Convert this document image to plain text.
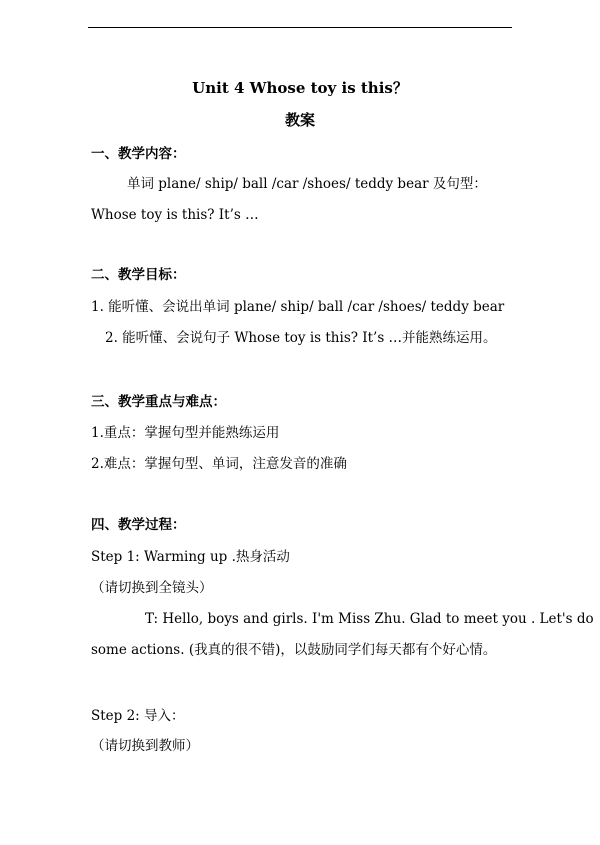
Unit 4 Whose toy is this？
教案
一、教学内容：
单词 plane/ ship/ ball /car /shoes/ teddy bear 及句型：
Whose toy is this? It’s …
二、教学目标：
1. 能听懂、会说出单词 plane/ ship/ ball /car /shoes/ teddy bear
2. 能听懂、会说句子 Whose toy is this? It’s …并能熟练运用。
三、教学重点与难点：
1.重点：掌握句型并能熟练运用
2.难点：掌握句型、单词，注意发音的准确
四、教学过程：
Step 1: Warming up .热身活动
（请切换到全镜头）
T: Hello, boys and girls. I'm Miss Zhu. Glad to meet you . Let's do
some actions. (我真的很不错)，以鼓励同学们每天都有个好心情。
Step 2: 导入：
（请切换到教师）
